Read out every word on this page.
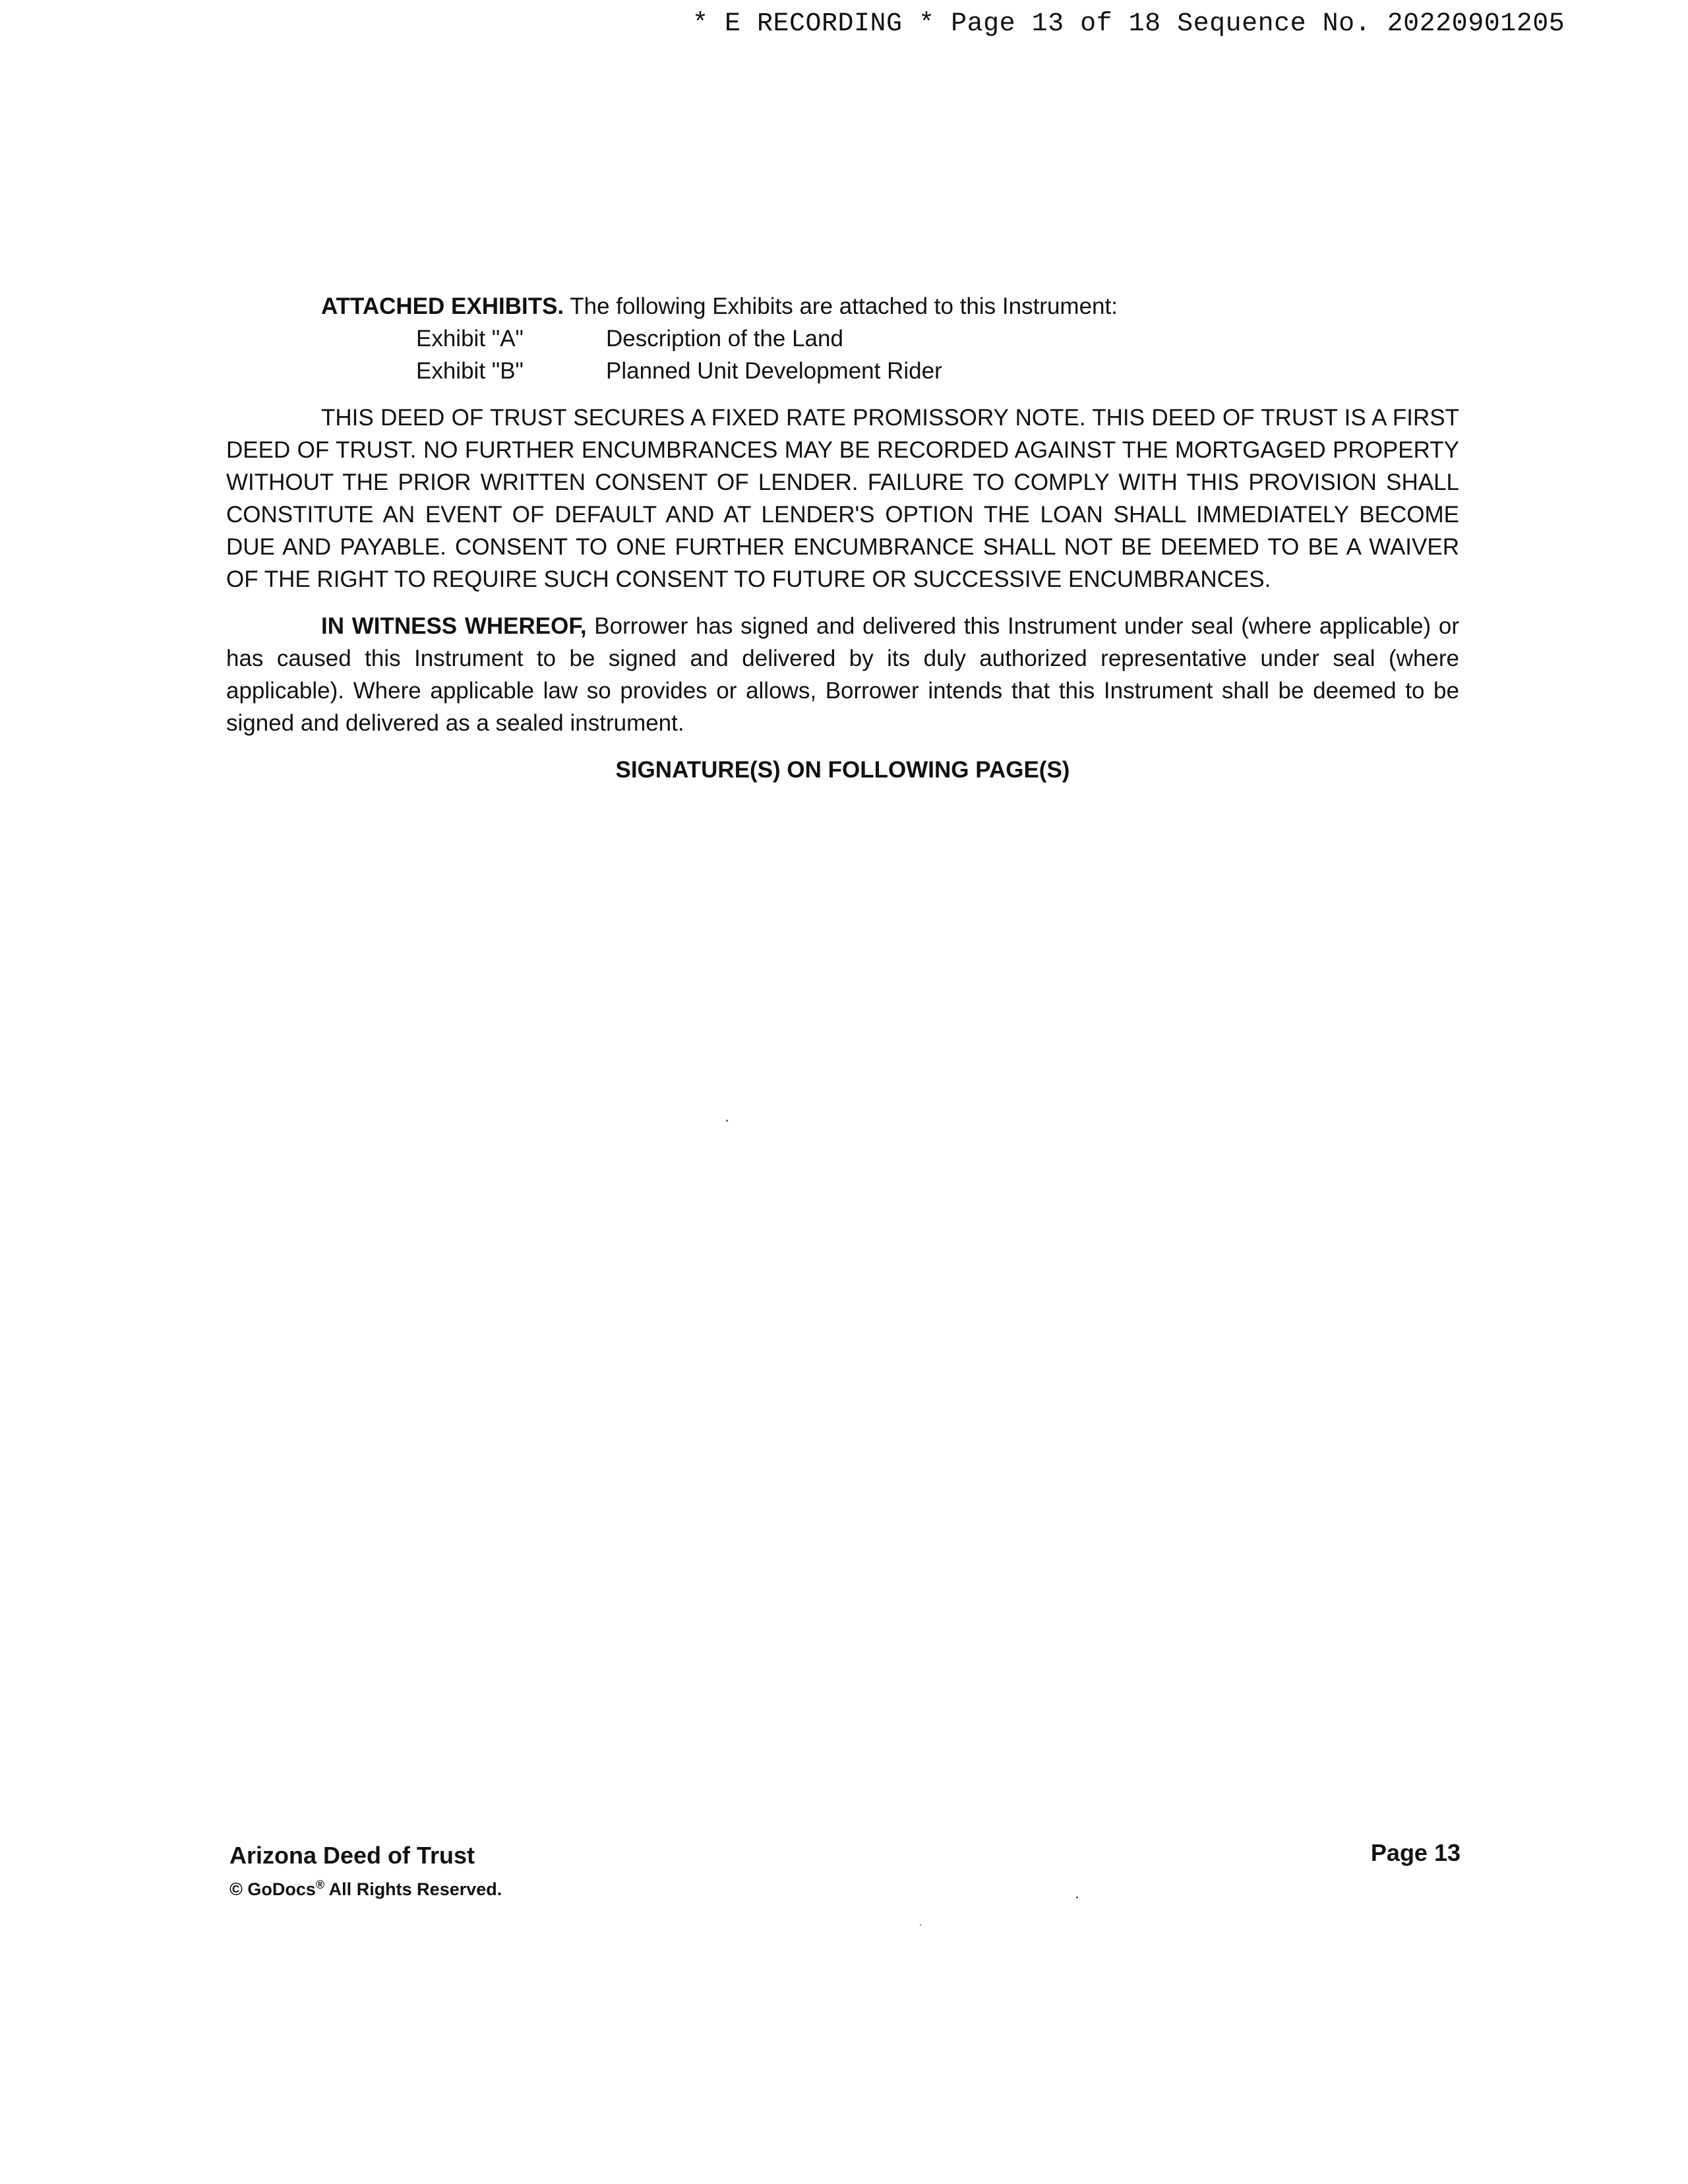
* E RECORDING * Page 13 of 18 Sequence No. 20220901205

ATTACHED EXHIBITS. The following Exhibits are attached to this Instrument:

Exhibit "A"	Description of the Land
Exhibit "B"	Planned Unit Development Rider

THIS DEED OF TRUST SECURES A FIXED RATE PROMISSORY NOTE. THIS DEED OF TRUST IS A FIRST DEED OF TRUST. NO FURTHER ENCUMBRANCES MAY BE RECORDED AGAINST THE MORTGAGED PROPERTY WITHOUT THE PRIOR WRITTEN CONSENT OF LENDER. FAILURE TO COMPLY WITH THIS PROVISION SHALL CONSTITUTE AN EVENT OF DEFAULT AND AT LENDER'S OPTION THE LOAN SHALL IMMEDIATELY BECOME DUE AND PAYABLE. CONSENT TO ONE FURTHER ENCUMBRANCE SHALL NOT BE DEEMED TO BE A WAIVER OF THE RIGHT TO REQUIRE SUCH CONSENT TO FUTURE OR SUCCESSIVE ENCUMBRANCES.

IN WITNESS WHEREOF, Borrower has signed and delivered this Instrument under seal (where applicable) or has caused this Instrument to be signed and delivered by its duly authorized representative under seal (where applicable). Where applicable law so provides or allows, Borrower intends that this Instrument shall be deemed to be signed and delivered as a sealed instrument.

SIGNATURE(S) ON FOLLOWING PAGE(S)
Arizona Deed of Trust
© GoDocs® All Rights Reserved.
Page 13
